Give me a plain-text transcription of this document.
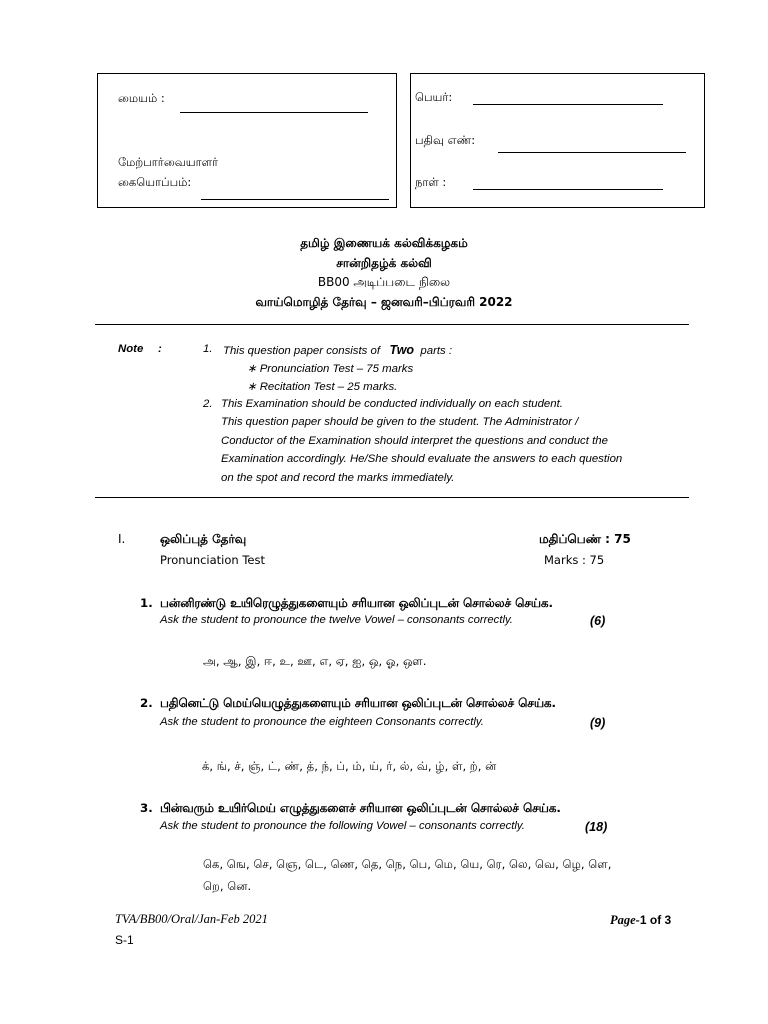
மையம் :
மேற்பார்வையாளர்
கையொப்பம்:
பெயர்:
பதிவு எண்:
நாள் :
தமிழ் இணையக் கல்விக்கழகம்
சான்றிதழ்க் கல்வி
BB00 அடிப்படை நிலை
வாய்மொழித் தேர்வு – ஜனவரி–பிப்ரவரி 2022
Note :	1. This question paper consists of Two parts :
∗ Pronunciation Test – 75 marks
∗ Recitation Test – 25 marks.
2. This Examination should be conducted individually on each student.
This question paper should be given to the student. The Administrator /
Conductor of the Examination should interpret the questions and conduct the
Examination accordingly. He/She should evaluate the answers to each question
on the spot and record the marks immediately.
I.	ஒலிப்புத் தேர்வு
Pronunciation Test
மதிப்பெண் : 75
Marks : 75
1. பன்னிரண்டு உயிரெழுத்துகளையும் சரியான ஒலிப்புடன் சொல்லச் செய்க.
Ask the student to pronounce the twelve Vowel – consonants correctly.	(6)
அ, ஆ, இ, ஈ, உ, ஊ, எ, ஏ, ஐ, ஒ, ஓ, ஔ.
2. பதினெட்டு மெய்யெழுத்துகளையும் சரியான ஒலிப்புடன் சொல்லச் செய்க.
Ask the student to pronounce the eighteen Consonants correctly.	(9)
க், ங், ச், ஞ், ட், ண், த், ந், ப், ம், ய், ர், ல், வ், ழ், ள், ற், ன்
3. பின்வரும் உயிர்மெய் எழுத்துகளைச் சரியான ஒலிப்புடன் சொல்லச் செய்க.
Ask the student to pronounce the following Vowel – consonants correctly.	(18)
கெ, ஙெ, செ, ஞெ, டெ, ணெ, தெ, நெ, பெ, மெ, யெ, ரெ, லெ, வெ, ழெ, ளெ,
றெ, னெ.
TVA/BB00/Oral/Jan-Feb 2021	Page-1 of 3
S-1
